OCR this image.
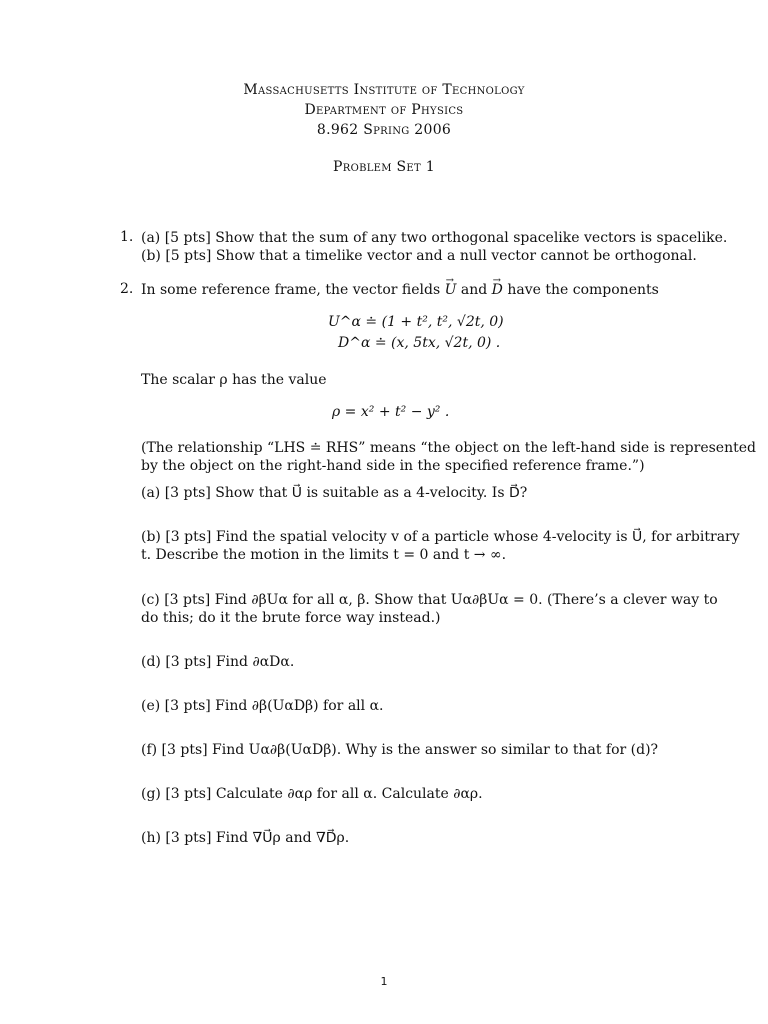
Massachusetts Institute of Technology
Department of Physics
8.962 Spring 2006
Problem Set 1
1. (a) [5 pts] Show that the sum of any two orthogonal spacelike vectors is spacelike.
(b) [5 pts] Show that a timelike vector and a null vector cannot be orthogonal.
2. In some reference frame, the vector fields → U and → D have the components
U^α ≐ (1 + t², t², √2t, 0)
D^α ≐ (x, 5tx, √2t, 0) .
The scalar ρ has the value
ρ = x² + t² − y² .
(The relationship “LHS ≐ RHS” means “the object on the left-hand side is represented
by the object on the right-hand side in the specified reference frame.”)
(a) [3 pts] Show that U⃗ is suitable as a 4-velocity. Is D⃗?
(b) [3 pts] Find the spatial velocity v of a particle whose 4-velocity is U⃗, for arbitrary
t. Describe the motion in the limits t = 0 and t → ∞.
(c) [3 pts] Find ∂βUα for all α, β. Show that Uα∂βUα = 0. (There’s a clever way to
do this; do it the brute force way instead.)
(d) [3 pts] Find ∂αDα.
(e) [3 pts] Find ∂β(UαDβ) for all α.
(f) [3 pts] Find Uα∂β(UαDβ). Why is the answer so similar to that for (d)?
(g) [3 pts] Calculate ∂αρ for all α. Calculate ∂αρ.
(h) [3 pts] Find ∇U⃗ρ and ∇D⃗ρ.
1
